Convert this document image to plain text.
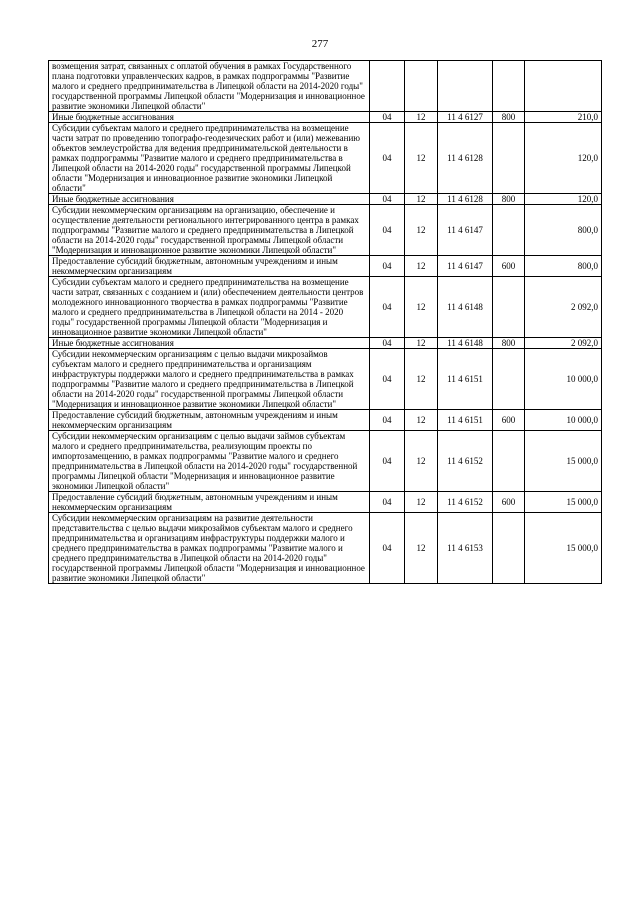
277
возмещения затрат, связанных с оплатой обучения в рамках Государственного плана подготовки управленческих кадров, в рамках подпрограммы "Развитие малого и среднего предпринимательства в Липецкой области на 2014-2020 годы" государственной программы Липецкой области "Модернизация и инновационное развитие экономики Липецкой области"					
Иные бюджетные ассигнования	04	12	11 4 6127	800	210,0
Субсидии субъектам малого и среднего предпринимательства на возмещение части затрат по проведению топографо-геодезических работ и (или) межеванию объектов землеустройства для ведения предпринимательской деятельности в рамках подпрограммы "Развитие малого и среднего предпринимательства в Липецкой области на 2014-2020 годы" государственной программы Липецкой области "Модернизация и инновационное развитие экономики Липецкой области"	04	12	11 4 6128		120,0
Иные бюджетные ассигнования	04	12	11 4 6128	800	120,0
Субсидии некоммерческим организациям на организацию, обеспечение и осуществление деятельности регионального интегрированного центра в рамках подпрограммы "Развитие малого и среднего предпринимательства в Липецкой области на 2014-2020 годы" государственной программы Липецкой области "Модернизация и инновационное развитие экономики Липецкой области"	04	12	11 4 6147		800,0
Предоставление субсидий бюджетным, автономным учреждениям и иным некоммерческим организациям	04	12	11 4 6147	600	800,0
Субсидии субъектам малого и среднего предпринимательства на возмещение части затрат, связанных с созданием и (или) обеспечением деятельности центров молодежного инновационного творчества в рамках подпрограммы "Развитие малого и среднего предпринимательства в Липецкой области на 2014 - 2020 годы" государственной программы Липецкой области "Модернизация и инновационное развитие экономики Липецкой области"	04	12	11 4 6148		2 092,0
Иные бюджетные ассигнования	04	12	11 4 6148	800	2 092,0
Субсидии некоммерческим организациям с целью выдачи микрозаймов субъектам малого и среднего предпринимательства и организациям инфраструктуры поддержки малого и среднего предпринимательства в рамках подпрограммы "Развитие малого и среднего предпринимательства в Липецкой области на 2014-2020 годы" государственной программы Липецкой области "Модернизация и инновационное развитие экономики Липецкой области"	04	12	11 4 6151		10 000,0
Предоставление субсидий бюджетным, автономным учреждениям и иным некоммерческим организациям	04	12	11 4 6151	600	10 000,0
Субсидии некоммерческим организациям с целью выдачи займов субъектам малого и среднего предпринимательства, реализующим проекты по импортозамещению, в рамках подпрограммы "Развитие малого и среднего предпринимательства в Липецкой области на 2014-2020 годы" государственной программы Липецкой области "Модернизация и инновационное развитие экономики Липецкой области"	04	12	11 4 6152		15 000,0
Предоставление субсидий бюджетным, автономным учреждениям и иным некоммерческим организациям	04	12	11 4 6152	600	15 000,0
Субсидии некоммерческим организациям на развитие деятельности представительства с целью выдачи микрозаймов субъектам малого и среднего предпринимательства и организациям инфраструктуры поддержки малого и среднего предпринимательства в рамках подпрограммы "Развитие малого и среднего предпринимательства в Липецкой области на 2014-2020 годы" государственной программы Липецкой области "Модернизация и инновационное развитие экономики Липецкой области"	04	12	11 4 6153		15 000,0
